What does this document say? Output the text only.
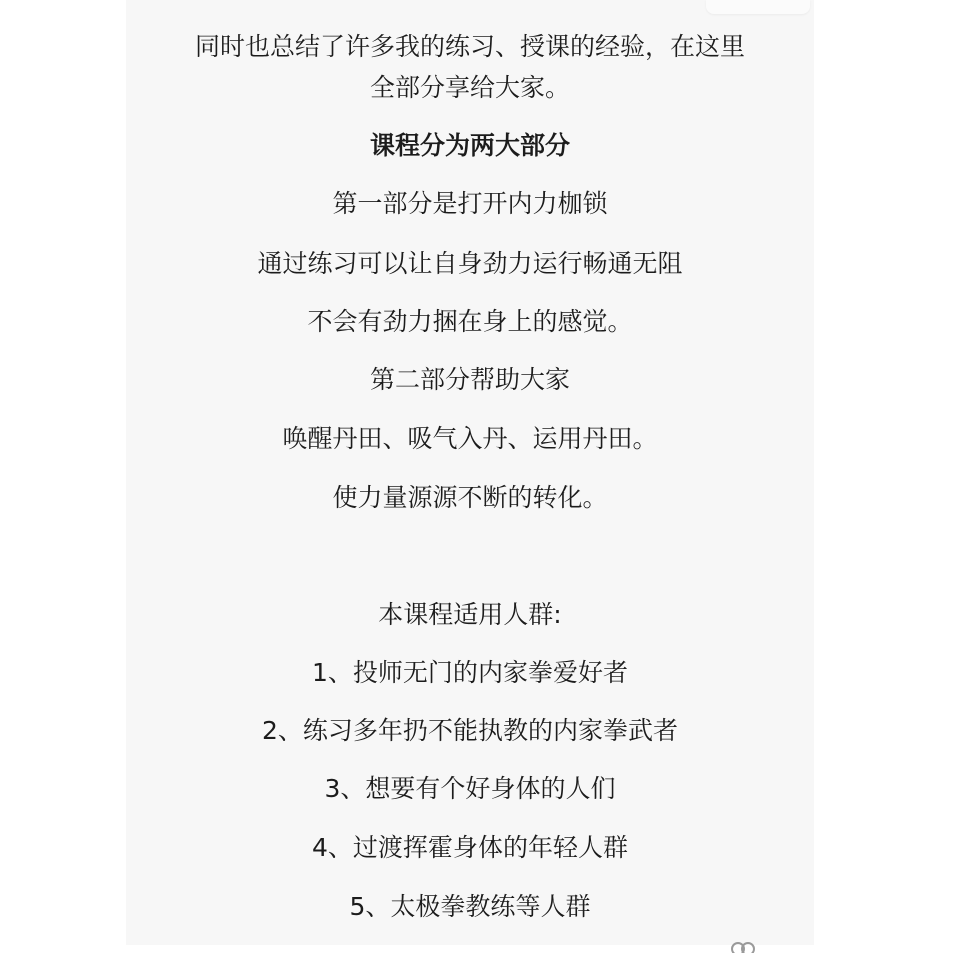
同时也总结了许多我的练习、授课的经验，在这里
全部分享给大家。
课程分为两大部分
第一部分是打开内力枷锁
通过练习可以让自身劲力运行畅通无阻
不会有劲力捆在身上的感觉。
第二部分帮助大家
唤醒丹田、吸气入丹、运用丹田。
使力量源源不断的转化。
本课程适用人群:
1、投师无门的内家拳爱好者
2、练习多年扔不能执教的内家拳武者
3、想要有个好身体的人们
4、过渡挥霍身体的年轻人群
5、太极拳教练等人群
